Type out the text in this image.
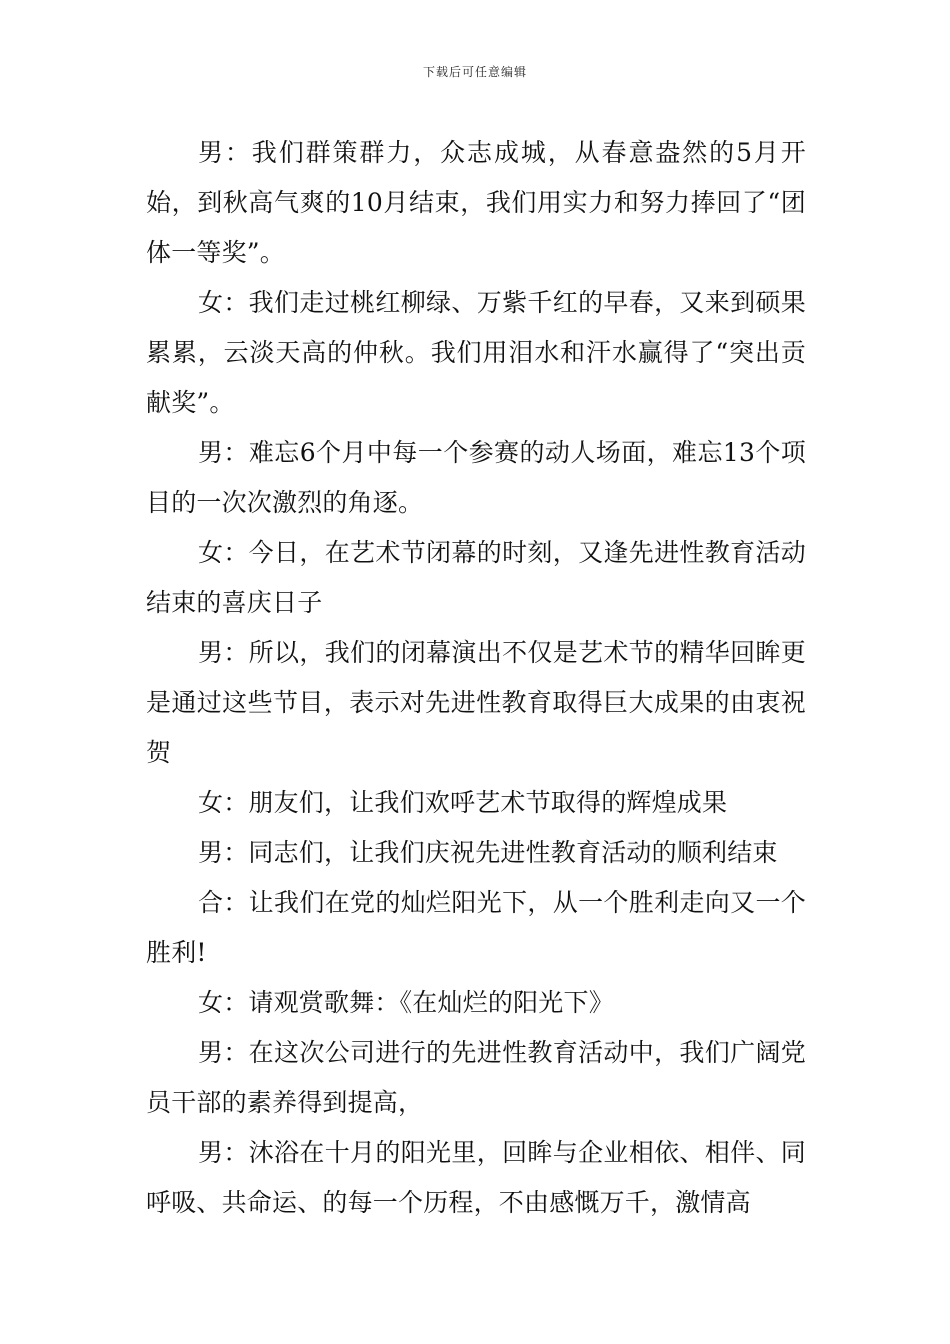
下载后可任意编辑

男：我们群策群力，众志成城，从春意盎然的5月开始，到秋高气爽的10月结束，我们用实力和努力捧回了“团体一等奖”。

女：我们走过桃红柳绿、万紫千红的早春，又来到硕果累累，云淡天高的仲秋。我们用泪水和汗水赢得了“突出贡献奖”。

男：难忘6个月中每一个参赛的动人场面，难忘13个项目的一次次激烈的角逐。

女：今日，在艺术节闭幕的时刻，又逢先进性教育活动结束的喜庆日子

男：所以，我们的闭幕演出不仅是艺术节的精华回眸更是通过这些节目，表示对先进性教育取得巨大成果的由衷祝贺

女：朋友们，让我们欢呼艺术节取得的辉煌成果

男：同志们，让我们庆祝先进性教育活动的顺利结束

合：让我们在党的灿烂阳光下，从一个胜利走向又一个胜利!

女：请观赏歌舞：《在灿烂的阳光下》

男：在这次公司进行的先进性教育活动中，我们广阔党员干部的素养得到提高，

男：沐浴在十月的阳光里，回眸与企业相依、相伴、同呼吸、共命运、的每一个历程，不由感慨万千，激情高
